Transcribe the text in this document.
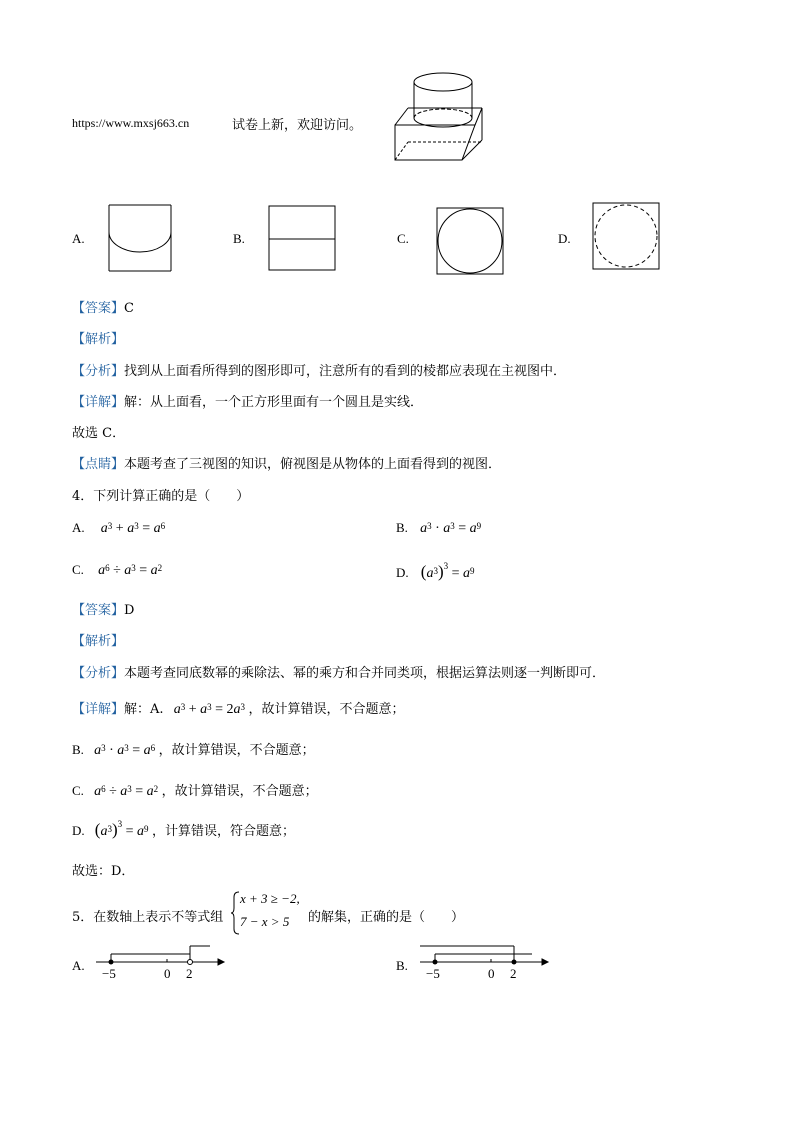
https://www.mxsj663.cn	试卷上新，欢迎访问。
A.	B.	C.	D.
【答案】C
【解析】
【分析】找到从上面看所得到的图形即可，注意所有的看到的棱都应表现在主视图中．
【详解】解：从上面看，一个正方形里面有一个圆且是实线．
故选 C．
【点睛】本题考查了三视图的知识，俯视图是从物体的上面看得到的视图．
4．下列计算正确的是（　　）
A. $a^3 + a^3 = a^6$	B. $a^3 \cdot a^3 = a^9$
C. $a^6 \div a^3 = a^2$	D. $(a^3)^3 = a^9$
【答案】D
【解析】
【分析】本题考查同底数幂的乘除法、幂的乘方和合并同类项，根据运算法则逐一判断即可．
【详解】解：A. $a^3 + a^3 = 2a^3$ ，故计算错误，不合题意；
B. $a^3 \cdot a^3 = a^6$ ，故计算错误，不合题意；
C. $a^6 \div a^3 = a^2$ ，故计算错误，不合题意；
D. $(a^3)^3 = a^9$ ，计算错误，符合题意；
故选：D．
5．在数轴上表示不等式组
x + 3 ≥ −2,
7 − x > 5 的解集，正确的是（　　）
A.
−5	0 2
B.
−5	0 2
